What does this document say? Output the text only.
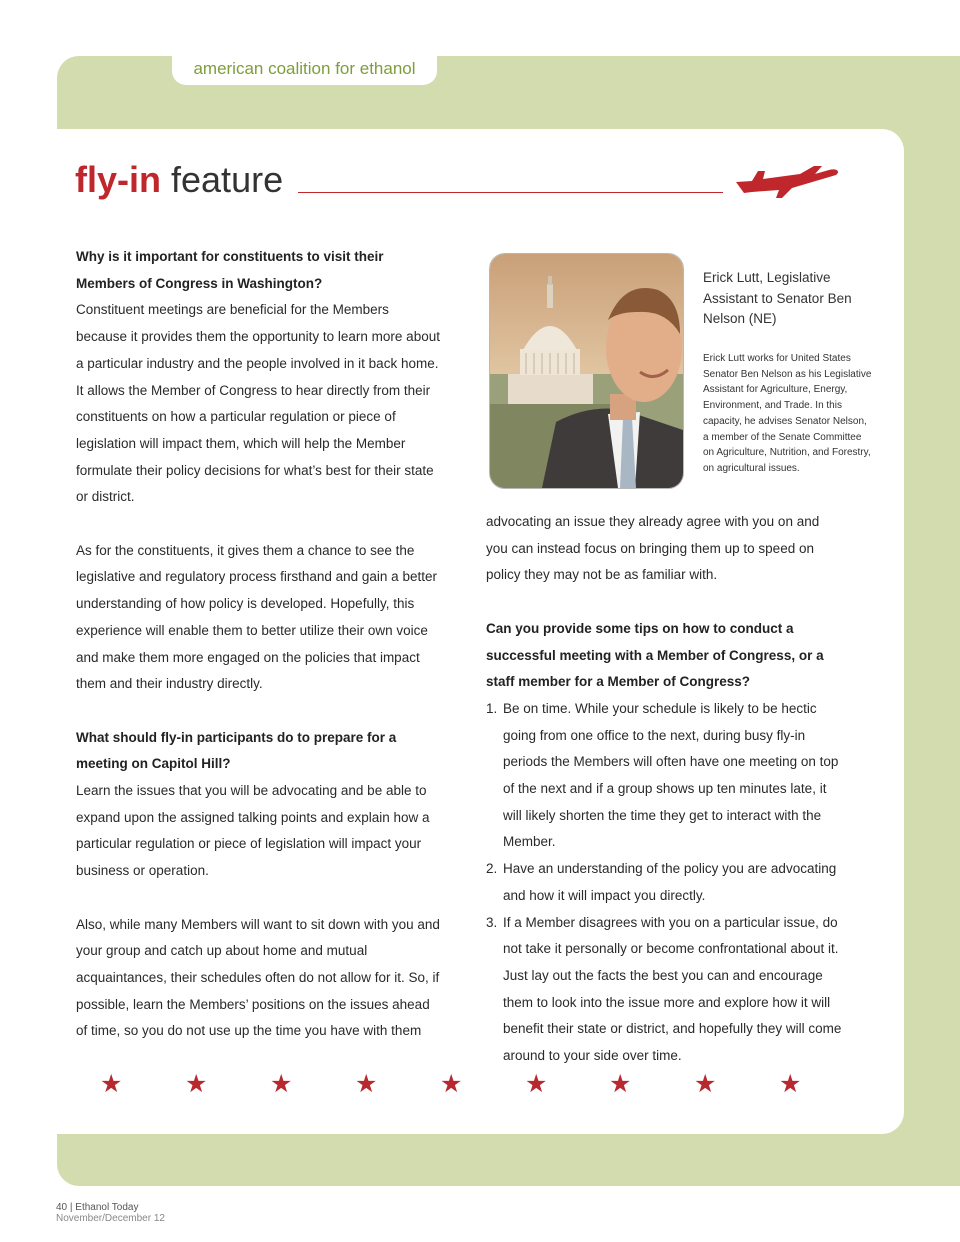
american coalition for ethanol
fly-in feature

Why is it important for constituents to visit their Members of Congress in Washington?

Constituent meetings are beneficial for the Members because it provides them the opportunity to learn more about a particular industry and the people involved in it back home. It allows the Member of Congress to hear directly from their constituents on how a particular regulation or piece of legislation will impact them, which will help the Member formulate their policy decisions for what’s best for their state or district.

As for the constituents, it gives them a chance to see the legislative and regulatory process firsthand and gain a better understanding of how policy is developed. Hopefully, this experience will enable them to better utilize their own voice and make them more engaged on the policies that impact them and their industry directly.

What should fly-in participants do to prepare for a meeting on Capitol Hill?

Learn the issues that you will be advocating and be able to expand upon the assigned talking points and explain how a particular regulation or piece of legislation will impact your business or operation.

Also, while many Members will want to sit down with you and your group and catch up about home and mutual acquaintances, their schedules often do not allow for it. So, if possible, learn the Members’ positions on the issues ahead of time, so you do not use up the time you have with them

Erick Lutt, Legislative Assistant to Senator Ben Nelson (NE)
Erick Lutt works for United States Senator Ben Nelson as his Legislative Assistant for Agriculture, Energy, Environment, and Trade. In this capacity, he advises Senator Nelson, a member of the Senate Committee on Agriculture, Nutrition, and Forestry, on agricultural issues.

advocating an issue they already agree with you on and you can instead focus on bringing them up to speed on policy they may not be as familiar with.

Can you provide some tips on how to conduct a successful meeting with a Member of Congress, or a staff member for a Member of Congress?

1. Be on time. While your schedule is likely to be hectic going from one office to the next, during busy fly-in periods the Members will often have one meeting on top of the next and if a group shows up ten minutes late, it will likely shorten the time they get to interact with the Member.
2. Have an understanding of the policy you are advocating and how it will impact you directly.
3. If a Member disagrees with you on a particular issue, do not take it personally or become confrontational about it. Just lay out the facts the best you can and encourage them to look into the issue more and explore how it will benefit their state or district, and hopefully they will come around to your side over time.
★	★	★	★	★	★ ★	★	★
40 | Ethanol Today
November/December 12
